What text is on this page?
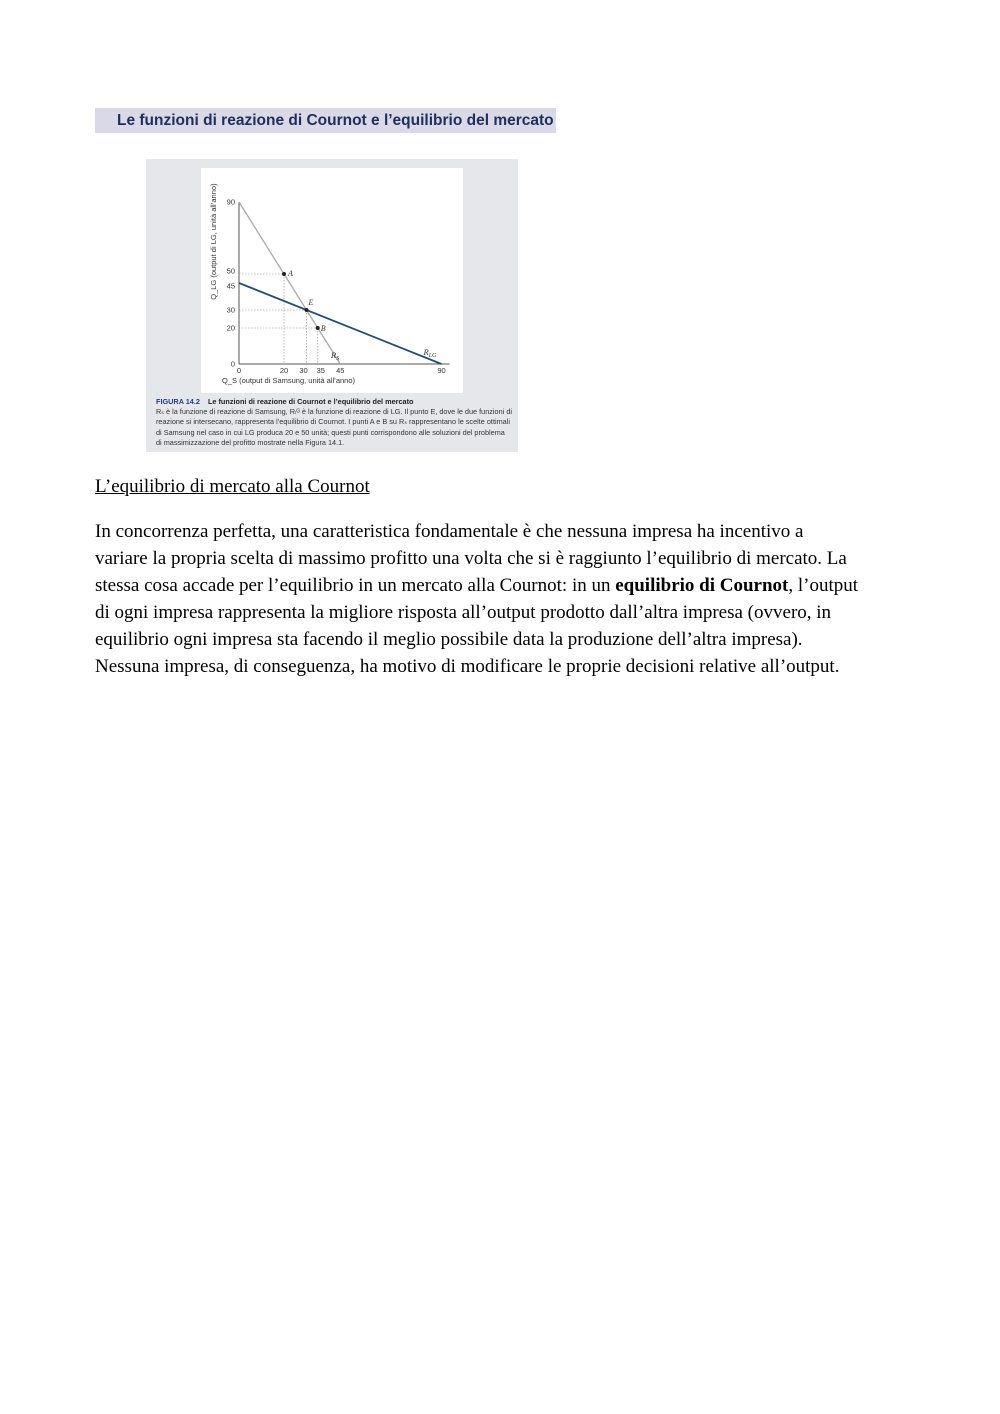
Le funzioni di reazione di Cournot e l’equilibrio del mercato
0	20 30 35 45	90
0
20
30
45
50
90
$R_S$
$R_{LG}$
A
E
B
Q_S (output di Samsung, unità all’anno)
Q_LG (output di LG, unità all’anno)
FIGURA 14.2 Le funzioni di reazione di Cournot e l’equilibrio del mercato
Rₛ è la funzione di reazione di Samsung, Rₗᴳ è la funzione di reazione di LG. Il punto E, dove le due funzioni di reazione si intersecano, rappresenta l’equilibrio di Cournot. I punti A e B su Rₛ rappresentano le scelte ottimali di Samsung nel caso in cui LG produca 20 e 50 unità; questi punti corrispondono alle soluzioni del problema di massimizzazione del profitto mostrate nella Figura 14.1.
L’equilibrio di mercato alla Cournot
In concorrenza perfetta, una caratteristica fondamentale è che nessuna impresa ha incentivo a
variare la propria scelta di massimo profitto una volta che si è raggiunto l’equilibrio di mercato. La
stessa cosa accade per l’equilibrio in un mercato alla Cournot: in un equilibrio di Cournot, l’output
di ogni impresa rappresenta la migliore risposta all’output prodotto dall’altra impresa (ovvero, in
equilibrio ogni impresa sta facendo il meglio possibile data la produzione dell’altra impresa).
Nessuna impresa, di conseguenza, ha motivo di modificare le proprie decisioni relative all’output.
